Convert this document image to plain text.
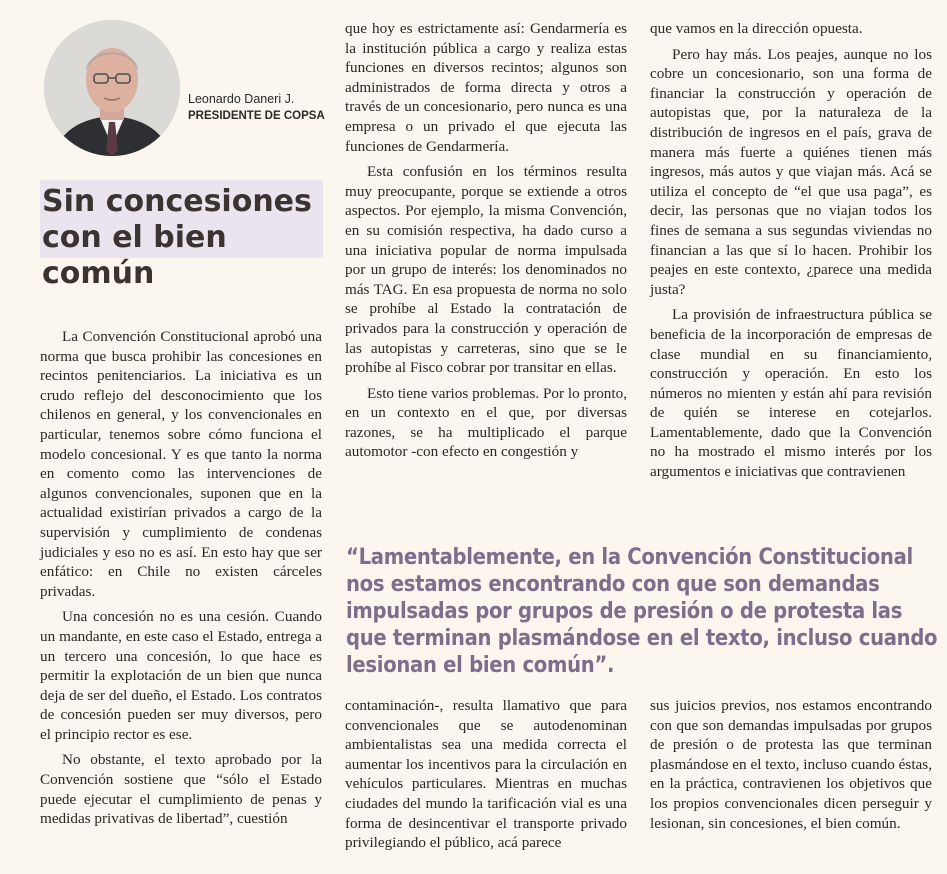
Leonardo Daneri J.
PRESIDENTE DE COPSA
Sin concesiones
con el bien común

La Convención Constitucional aprobó una norma que busca prohibir las concesiones en recintos penitenciarios. La iniciativa es un crudo reflejo del desconocimiento que los chilenos en general, y los convencionales en particular, tenemos sobre cómo funciona el modelo concesional. Y es que tanto la norma en comento como las intervenciones de algunos convencionales, suponen que en la actualidad existirían privados a cargo de la supervisión y cumplimiento de condenas judiciales y eso no es así. En esto hay que ser enfático: en Chile no existen cárceles privadas.

Una concesión no es una cesión. Cuando un mandante, en este caso el Estado, entrega a un tercero una concesión, lo que hace es permitir la explotación de un bien que nunca deja de ser del dueño, el Estado. Los contratos de concesión pueden ser muy diversos, pero el principio rector es ese.

No obstante, el texto aprobado por la Convención sostiene que “sólo el Estado puede ejecutar el cumplimiento de penas y medidas privativas de libertad”, cuestión

que hoy es estrictamente así: Gendarmería es la institución pública a cargo y realiza estas funciones en diversos recintos; algunos son administrados de forma directa y otros a través de un concesionario, pero nunca es una empresa o un privado el que ejecuta las funciones de Gendarmería.

Esta confusión en los términos resulta muy preocupante, porque se extiende a otros aspectos. Por ejemplo, la misma Convención, en su comisión respectiva, ha dado curso a una iniciativa popular de norma impulsada por un grupo de interés: los denominados no más TAG. En esa propuesta de norma no solo se prohíbe al Estado la contratación de privados para la construcción y operación de las autopistas y carreteras, sino que se le prohíbe al Fisco cobrar por transitar en ellas.

Esto tiene varios problemas. Por lo pronto, en un contexto en el que, por diversas razones, se ha multiplicado el parque automotor -con efecto en congestión y

que vamos en la dirección opuesta.

Pero hay más. Los peajes, aunque no los cobre un concesionario, son una forma de financiar la construcción y operación de autopistas que, por la naturaleza de la distribución de ingresos en el país, grava de manera más fuerte a quiénes tienen más ingresos, más autos y que viajan más. Acá se utiliza el concepto de “el que usa paga”, es decir, las personas que no viajan todos los fines de semana a sus segundas viviendas no financian a las que sí lo hacen. Prohibir los peajes en este contexto, ¿parece una medida justa?

La provisión de infraestructura pública se beneficia de la incorporación de empresas de clase mundial en su financiamiento, construcción y operación. En esto los números no mienten y están ahí para revisión de quién se interese en cotejarlos. Lamentablemente, dado que la Convención no ha mostrado el mismo interés por los argumentos e iniciativas que contravienen

“Lamentablemente, en la Convención Constitucional nos estamos encontrando con que son demandas impulsadas por grupos de presión o de protesta las que terminan plasmándose en el texto, incluso cuando lesionan el bien común”.

contaminación-, resulta llamativo que para convencionales que se autodenominan ambientalistas sea una medida correcta el aumentar los incentivos para la circulación en vehículos particulares. Mientras en muchas ciudades del mundo la tarificación vial es una forma de desincentivar el transporte privado privilegiando el público, acá parece

sus juicios previos, nos estamos encontrando con que son demandas impulsadas por grupos de presión o de protesta las que terminan plasmándose en el texto, incluso cuando éstas, en la práctica, contravienen los objetivos que los propios convencionales dicen perseguir y lesionan, sin concesiones, el bien común.
